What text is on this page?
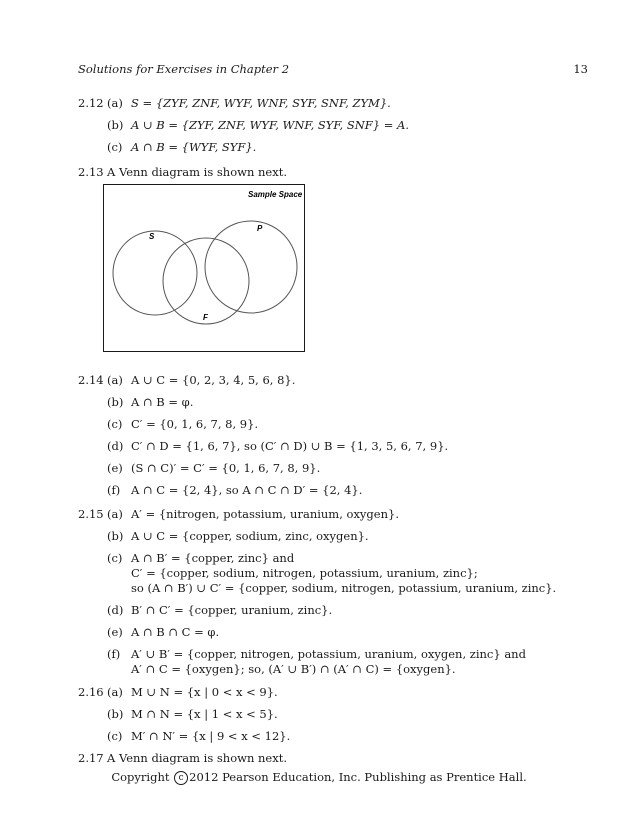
Solutions for Exercises in Chapter 2	13
2.12 (a) S = {ZYF, ZNF, WYF, WNF, SYF, SNF, ZYM}.
(b) A ∪ B = {ZYF, ZNF, WYF, WNF, SYF, SNF} = A.
(c) A ∩ B = {WYF, SYF}.
2.13 A Venn diagram is shown next.
Sample Space
S
P
F
2.14 (a) A ∪ C = {0, 2, 3, 4, 5, 6, 8}.
(b) A ∩ B = φ.
(c) C′ = {0, 1, 6, 7, 8, 9}.
(d) C′ ∩ D = {1, 6, 7}, so (C′ ∩ D) ∪ B = {1, 3, 5, 6, 7, 9}.
(e) (S ∩ C)′ = C′ = {0, 1, 6, 7, 8, 9}.
(f) A ∩ C = {2, 4}, so A ∩ C ∩ D′ = {2, 4}.
2.15 (a) A′ = {nitrogen, potassium, uranium, oxygen}.
(b) A ∪ C = {copper, sodium, zinc, oxygen}.
(c) A ∩ B′ = {copper, zinc} and
C′ = {copper, sodium, nitrogen, potassium, uranium, zinc};
so (A ∩ B′) ∪ C′ = {copper, sodium, nitrogen, potassium, uranium, zinc}.
(d) B′ ∩ C′ = {copper, uranium, zinc}.
(e) A ∩ B ∩ C = φ.
(f) A′ ∪ B′ = {copper, nitrogen, potassium, uranium, oxygen, zinc} and
A′ ∩ C = {oxygen}; so, (A′ ∪ B′) ∩ (A′ ∩ C) = {oxygen}.
2.16 (a) M ∪ N = {x | 0 < x < 9}.
(b) M ∩ N = {x | 1 < x < 5}.
(c) M′ ∩ N′ = {x | 9 < x < 12}.
2.17 A Venn diagram is shown next.
Copyright c 2012 Pearson Education, Inc. Publishing as Prentice Hall.
